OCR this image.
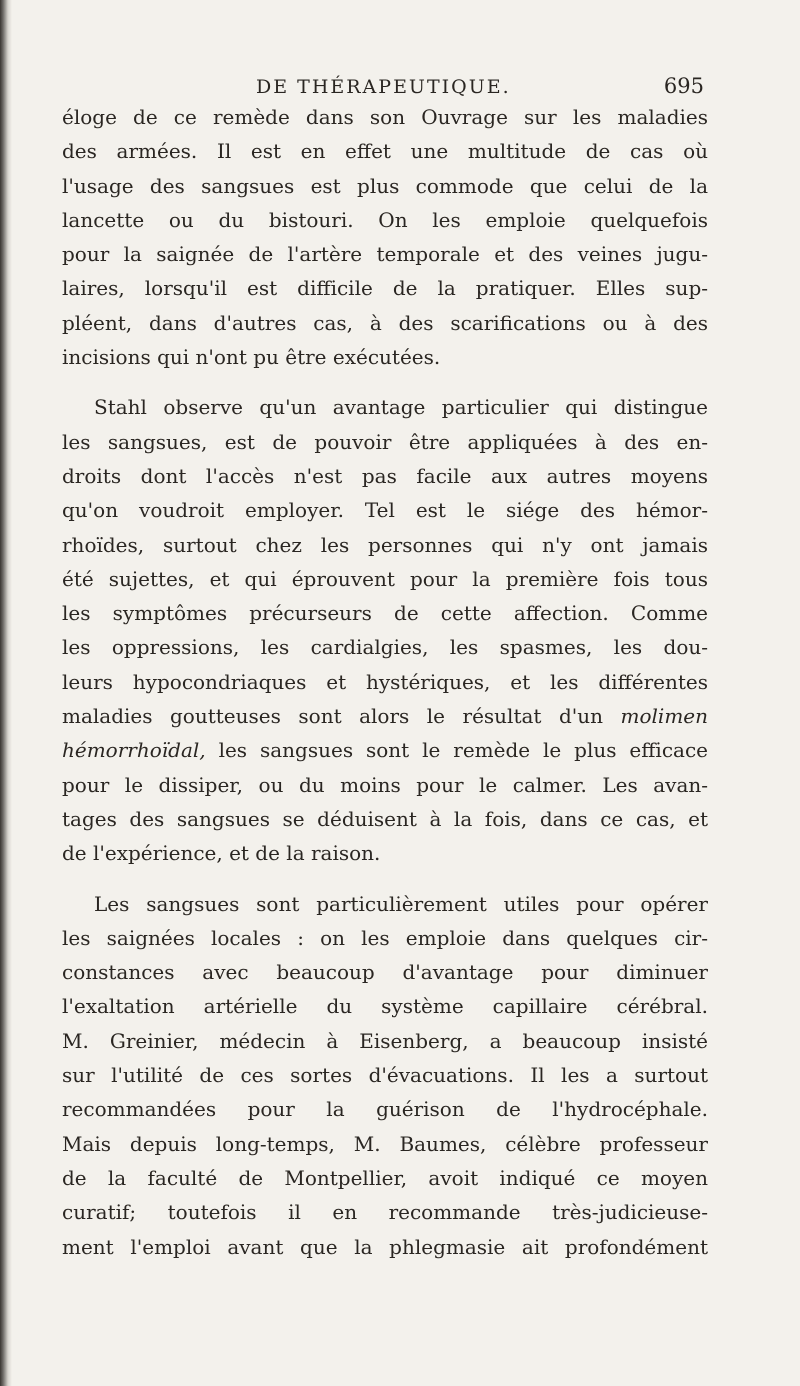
DE THÉRAPEUTIQUE.	695
éloge de ce remède dans son Ouvrage sur les maladies
des armées. Il est en effet une multitude de cas où
l'usage des sangsues est plus commode que celui de la
lancette ou du bistouri. On les emploie quelquefois
pour la saignée de l'artère temporale et des veines jugu-
laires, lorsqu'il est difficile de la pratiquer. Elles sup-
pléent, dans d'autres cas, à des scarifications ou à des
incisions qui n'ont pu être exécutées.
Stahl observe qu'un avantage particulier qui distingue
les sangsues, est de pouvoir être appliquées à des en-
droits dont l'accès n'est pas facile aux autres moyens
qu'on voudroit employer. Tel est le siége des hémor-
rhoïdes, surtout chez les personnes qui n'y ont jamais
été sujettes, et qui éprouvent pour la première fois tous
les symptômes précurseurs de cette affection. Comme
les oppressions, les cardialgies, les spasmes, les dou-
leurs hypocondriaques et hystériques, et les différentes
maladies goutteuses sont alors le résultat d'un molimen
hémorrhoïdal, les sangsues sont le remède le plus efficace
pour le dissiper, ou du moins pour le calmer. Les avan-
tages des sangsues se déduisent à la fois, dans ce cas, et
de l'expérience, et de la raison.
Les sangsues sont particulièrement utiles pour opérer
les saignées locales : on les emploie dans quelques cir-
constances avec beaucoup d'avantage pour diminuer
l'exaltation artérielle du système capillaire cérébral.
M. Greinier, médecin à Eisenberg, a beaucoup insisté
sur l'utilité de ces sortes d'évacuations. Il les a surtout
recommandées pour la guérison de l'hydrocéphale.
Mais depuis long-temps, M. Baumes, célèbre professeur
de la faculté de Montpellier, avoit indiqué ce moyen
curatif; toutefois il en recommande très-judicieuse-
ment l'emploi avant que la phlegmasie ait profondément
